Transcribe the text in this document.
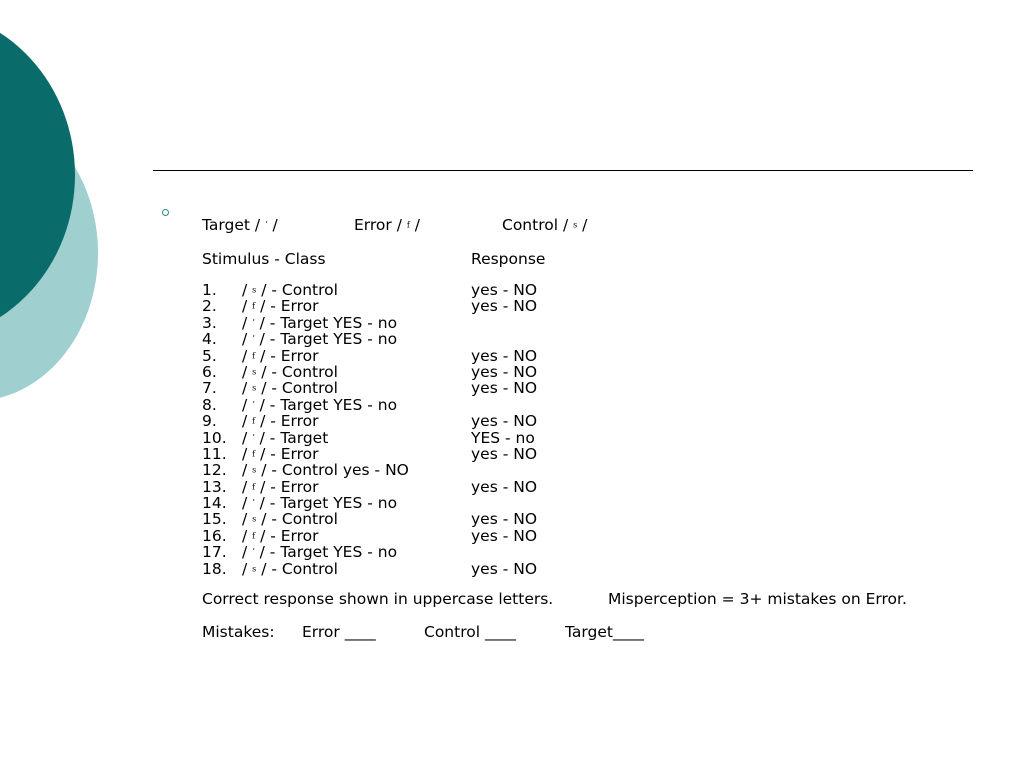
Target / ʼ /	Error / f /	Control / s /
Stimulus - Class	Response
1. / s / - Control	yes - NO
2. / f / - Error	yes - NO
3. / ʼ / - Target YES - no
4. / ʼ / - Target YES - no
5. / f / - Error	yes - NO
6. / s / - Control	yes - NO
7. / s / - Control	yes - NO
8. / ʼ / - Target YES - no
9. / f / - Error	yes - NO
10. / ʼ / - Target	YES - no
11. / f / - Error	yes - NO
12. / s / - Control yes - NO
13. / f / - Error	yes - NO
14. / ʼ / - Target YES - no
15. / s / - Control	yes - NO
16. / f / - Error	yes - NO
17. / ʼ / - Target YES - no
18. / s / - Control	yes - NO
Correct response shown in uppercase letters.	Misperception = 3+ mistakes on Error.
Mistakes: Error ____	Control ____	Target____
